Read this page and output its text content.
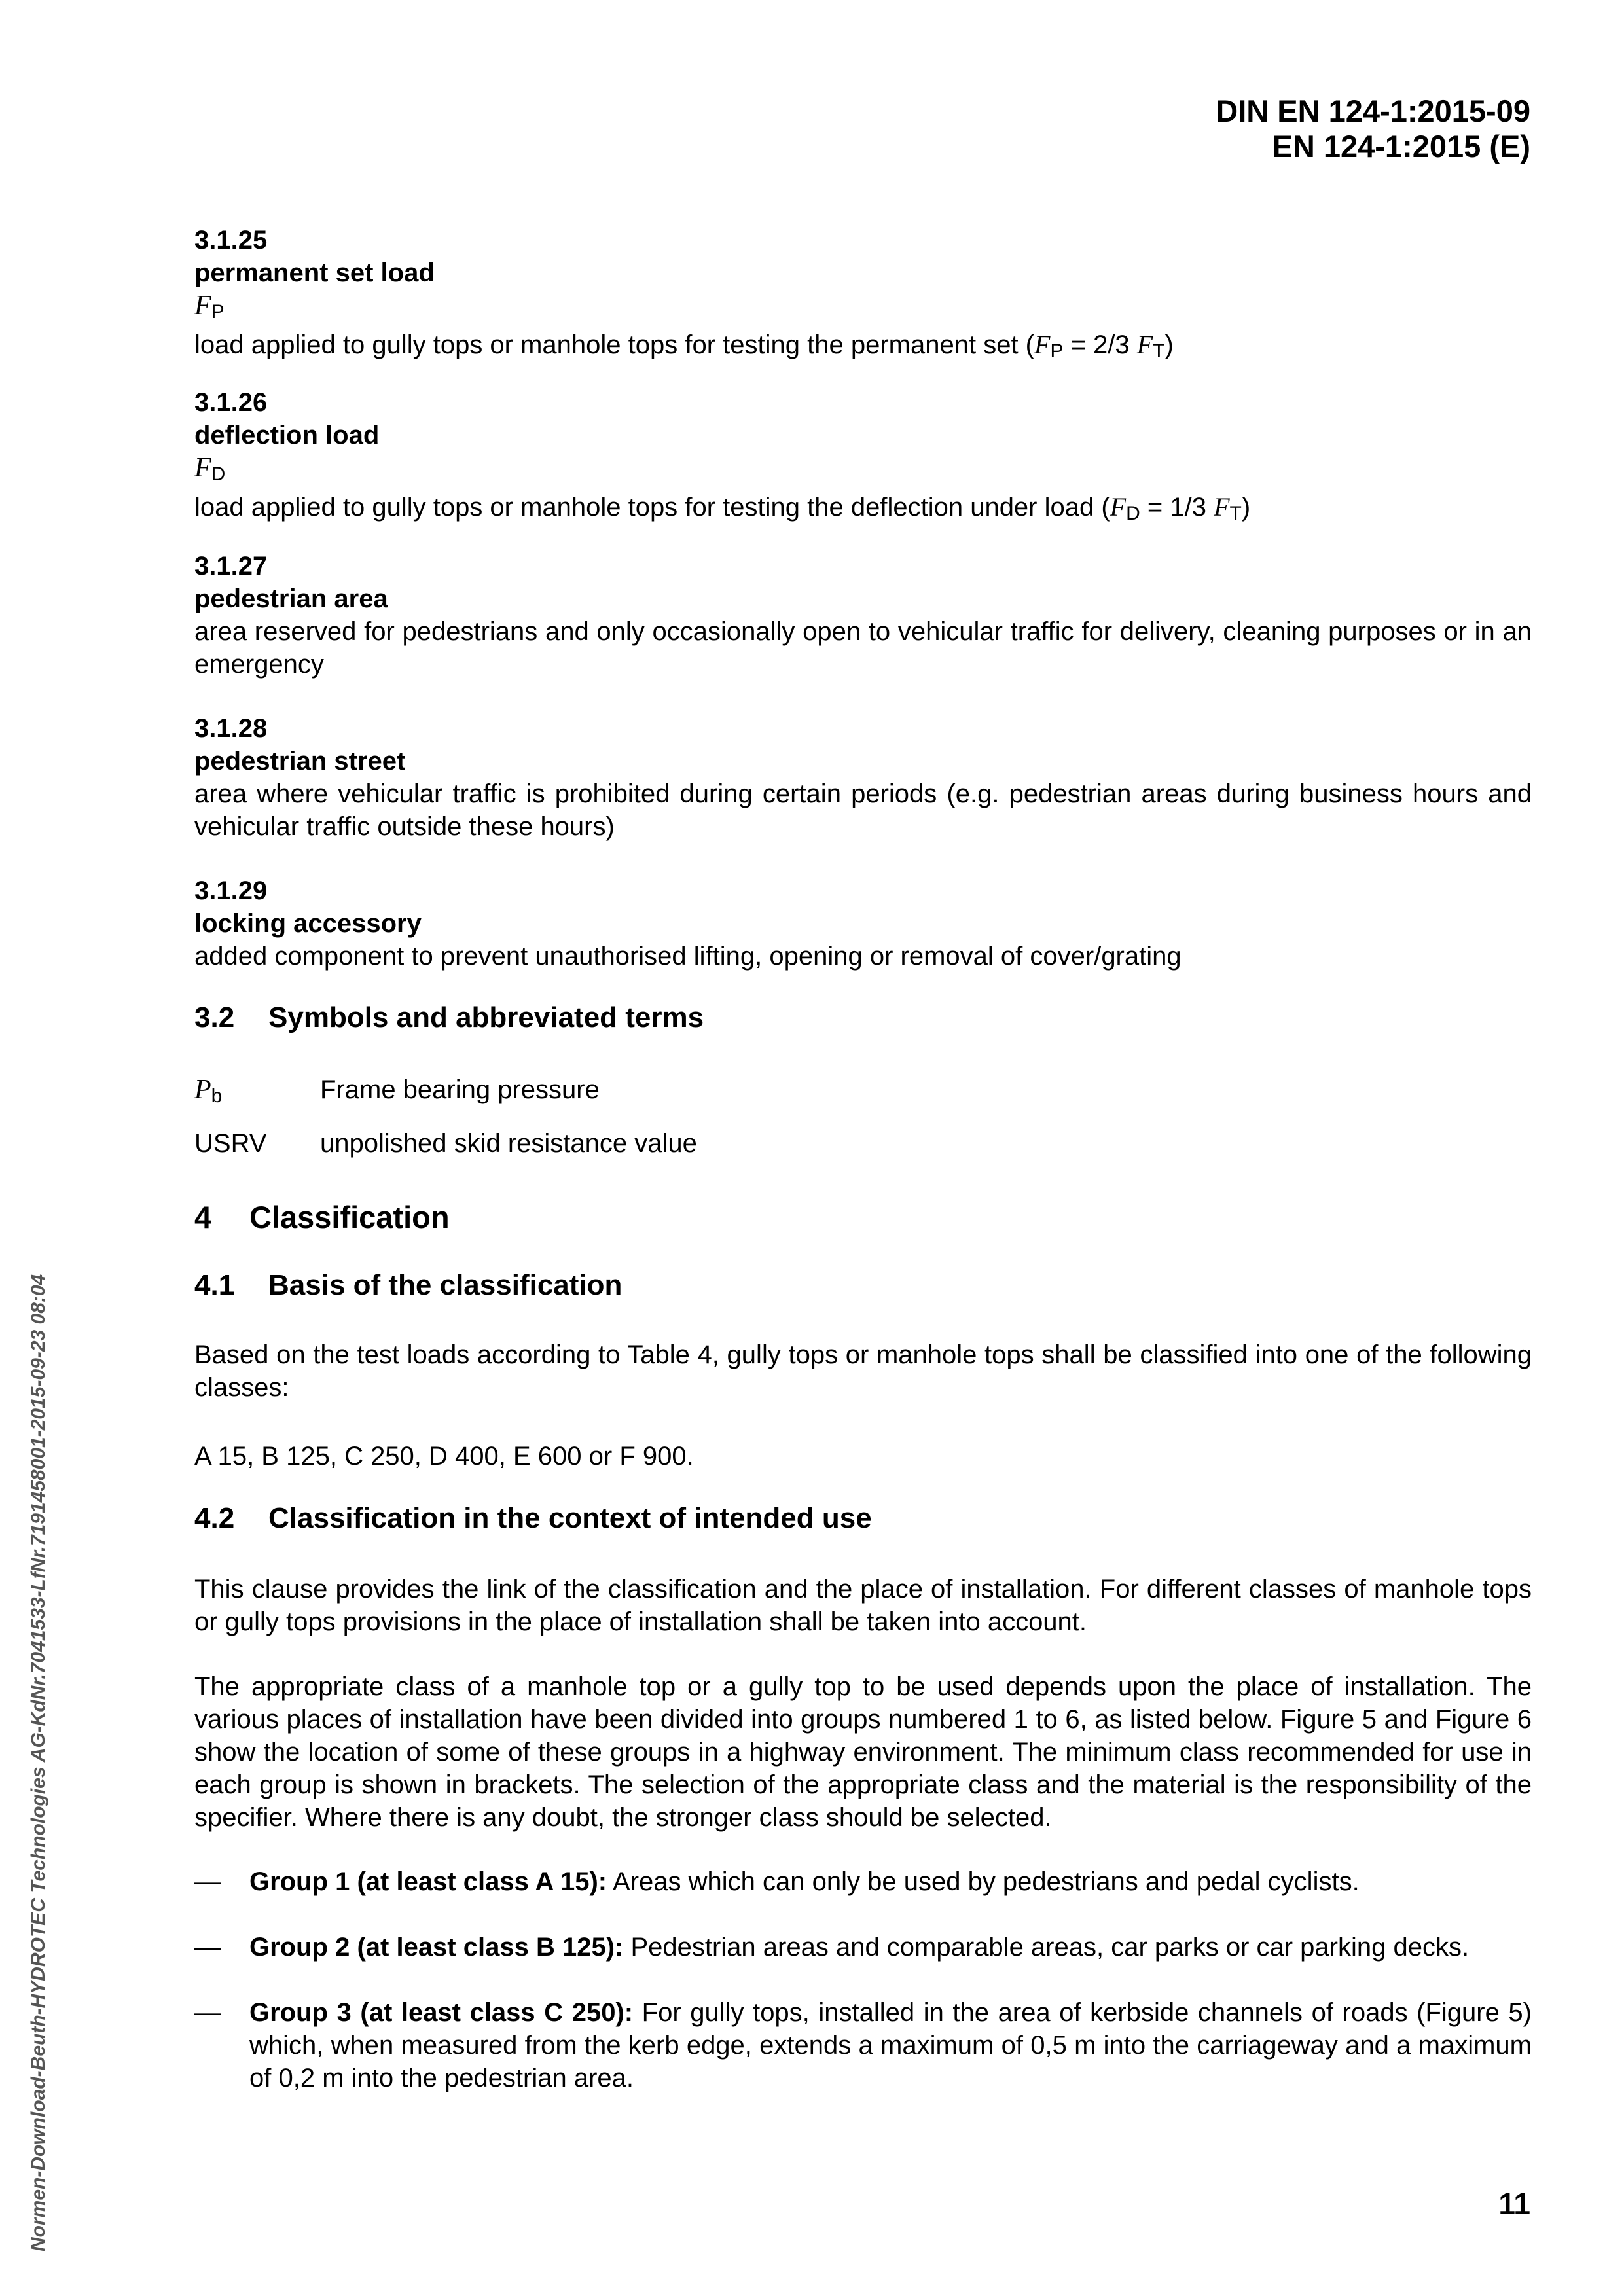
DIN EN 124-1:2015-09
EN 124-1:2015 (E)
3.1.25
permanent set load
$F_P$
load applied to gully tops or manhole tops for testing the permanent set ($F_P = 2/3$ $F_T$)
3.1.26
deflection load
$F_D$
load applied to gully tops or manhole tops for testing the deflection under load ($F_D = 1/3$ $F_T$)
3.1.27
pedestrian area
area reserved for pedestrians and only occasionally open to vehicular traffic for delivery, cleaning purposes or in an emergency
3.1.28
pedestrian street
area where vehicular traffic is prohibited during certain periods (e.g. pedestrian areas during business hours and vehicular traffic outside these hours)
3.1.29
locking accessory
added component to prevent unauthorised lifting, opening or removal of cover/grating
3.2 Symbols and abbreviated terms
$P_b$	Frame bearing pressure
USRV	unpolished skid resistance value
4 Classification
4.1 Basis of the classification
Based on the test loads according to Table 4, gully tops or manhole tops shall be classified into one of the following classes:
A 15, B 125, C 250, D 400, E 600 or F 900.
4.2 Classification in the context of intended use
This clause provides the link of the classification and the place of installation. For different classes of manhole tops or gully tops provisions in the place of installation shall be taken into account.
The appropriate class of a manhole top or a gully top to be used depends upon the place of installation. The various places of installation have been divided into groups numbered 1 to 6, as listed below. Figure 5 and Figure 6 show the location of some of these groups in a highway environment. The minimum class recommended for use in each group is shown in brackets. The selection of the appropriate class and the material is the responsibility of the specifier. Where there is any doubt, the stronger class should be selected.
—	Group 1 (at least class A 15): Areas which can only be used by pedestrians and pedal cyclists.
—	Group 2 (at least class B 125): Pedestrian areas and comparable areas, car parks or car parking decks.
—	Group 3 (at least class C 250): For gully tops, installed in the area of kerbside channels of roads (Figure 5) which, when measured from the kerb edge, extends a maximum of 0,5 m into the carriageway and a maximum of 0,2 m into the pedestrian area.
Normen-Download-Beuth-HYDROTEC Technologies AG-KdNr.7041533-LfNr.7191458001-2015-09-23 08:04	11
